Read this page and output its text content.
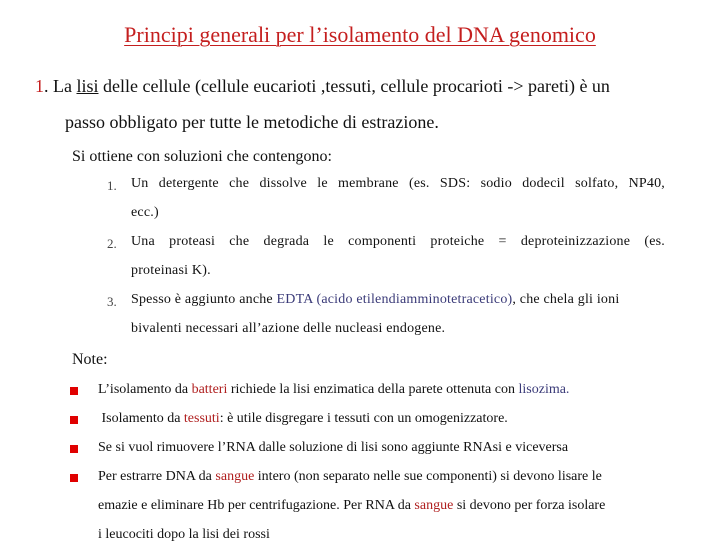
Principi generali per l’isolamento del DNA genomico
1. La lisi delle cellule (cellule eucarioti ,tessuti, cellule procarioti -> pareti) è un
passo obbligato per tutte le metodiche di estrazione.
Si ottiene con soluzioni che contengono:
1. Un detergente che dissolve le membrane (es. SDS: sodio dodecil solfato, NP40,
ecc.)
2. Una proteasi che degrada le componenti proteiche = deproteinizzazione (es.
proteinasi K).
3. Spesso è aggiunto anche EDTA (acido etilendiamminotetracetico), che chela gli ioni
bivalenti necessari all’azione delle nucleasi endogene.
Note:
L’isolamento da batteri richiede la lisi enzimatica della parete ottenuta con lisozima.
Isolamento da tessuti: è utile disgregare i tessuti con un omogenizzatore.
Se si vuol rimuovere l’RNA dalle soluzione di lisi sono aggiunte RNAsi e viceversa
Per estrarre DNA da sangue intero (non separato nelle sue componenti) si devono lisare le
emazie e eliminare Hb per centrifugazione. Per RNA da sangue si devono per forza isolare
i leucociti dopo la lisi dei rossi
